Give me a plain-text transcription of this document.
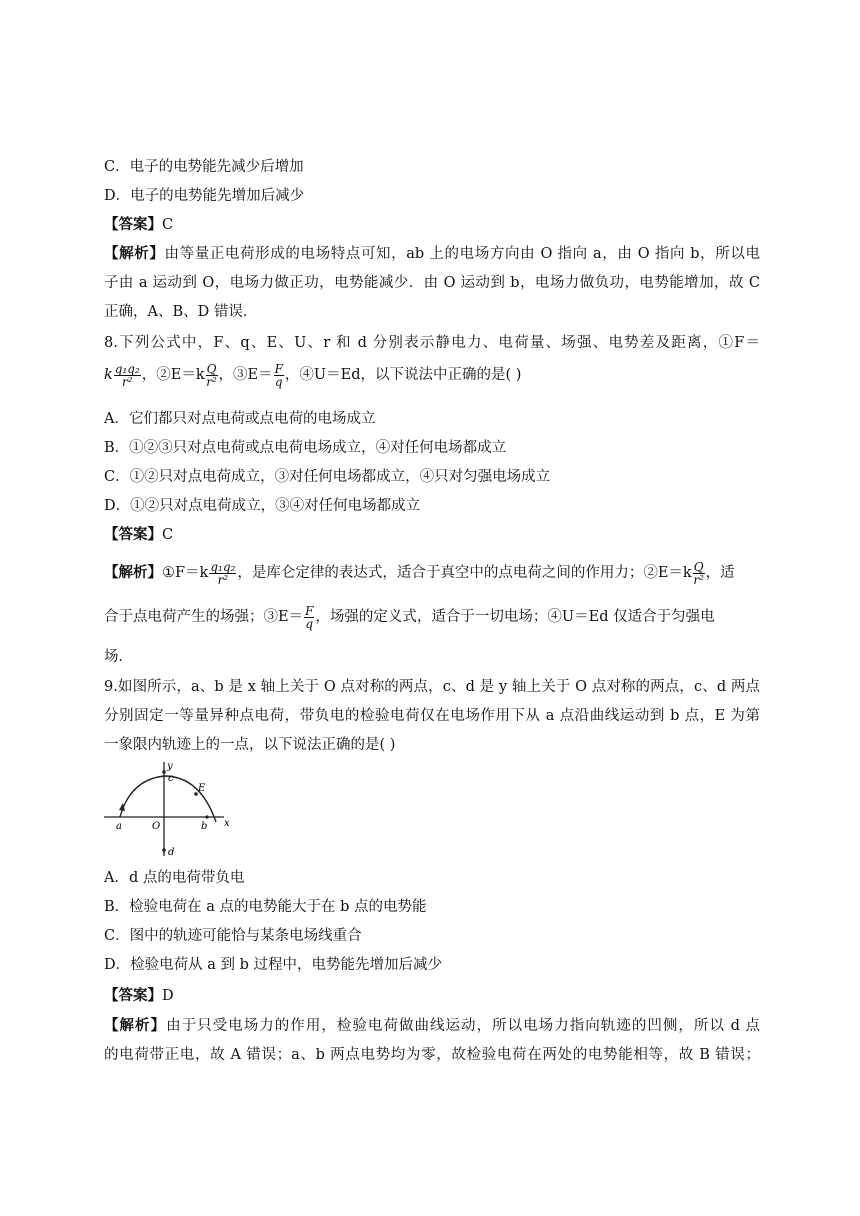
C．电子的电势能先减少后增加
D．电子的电势能先增加后减少
【答案】C
【解析】由等量正电荷形成的电场特点可知，ab 上的电场方向由 O 指向 a，由 O 指向 b，所以电
子由 a 运动到 O，电场力做正功，电势能减少．由 O 运动到 b，电场力做负功，电势能增加，故 C
正确，A、B、D 错误．
8.下列公式中，F、q、E、U、r 和 d 分别表示静电力、电荷量、场强、电势差及距离，①F＝
k $\frac{\text{q₁q₂}}{\text{r²}}$ ，②E＝k $\frac{Q}{\text{r²}}$ ，③E＝ $\frac{F}{q}$ ，④U＝Ed，以下说法中正确的是( )
A．它们都只对点电荷或点电荷的电场成立
B．①②③只对点电荷或点电荷电场成立，④对任何电场都成立
C．①②只对点电荷成立，③对任何电场都成立，④只对匀强电场成立
D．①②只对点电荷成立，③④对任何电场都成立
【答案】C
【解析】①F＝k $\frac{\text{q₁q₂}}{\text{r²}}$ ，是库仑定律的表达式，适合于真空中的点电荷之间的作用力；②E＝k $\frac{Q}{\text{r²}}$ ，适
合于点电荷产生的场强；③E＝ $\frac{F}{q}$ ，场强的定义式，适合于一切电场；④U＝Ed 仅适合于匀强电
场．
9.如图所示，a、b 是 x 轴上关于 O 点对称的两点，c、d 是 y 轴上关于 O 点对称的两点，c、d 两点
分别固定一等量异种点电荷，带负电的检验电荷仅在电场作用下从 a 点沿曲线运动到 b 点，E 为第
一象限内轨迹上的一点，以下说法正确的是( )
y
c
E
a	O	b x
d
A．d 点的电荷带负电
B．检验电荷在 a 点的电势能大于在 b 点的电势能
C．图中的轨迹可能恰与某条电场线重合
D．检验电荷从 a 到 b 过程中，电势能先增加后减少
【答案】D
【解析】由于只受电场力的作用，检验电荷做曲线运动，所以电场力指向轨迹的凹侧，所以 d 点
的电荷带正电，故 A 错误；a、b 两点电势均为零，故检验电荷在两处的电势能相等，故 B 错误；
